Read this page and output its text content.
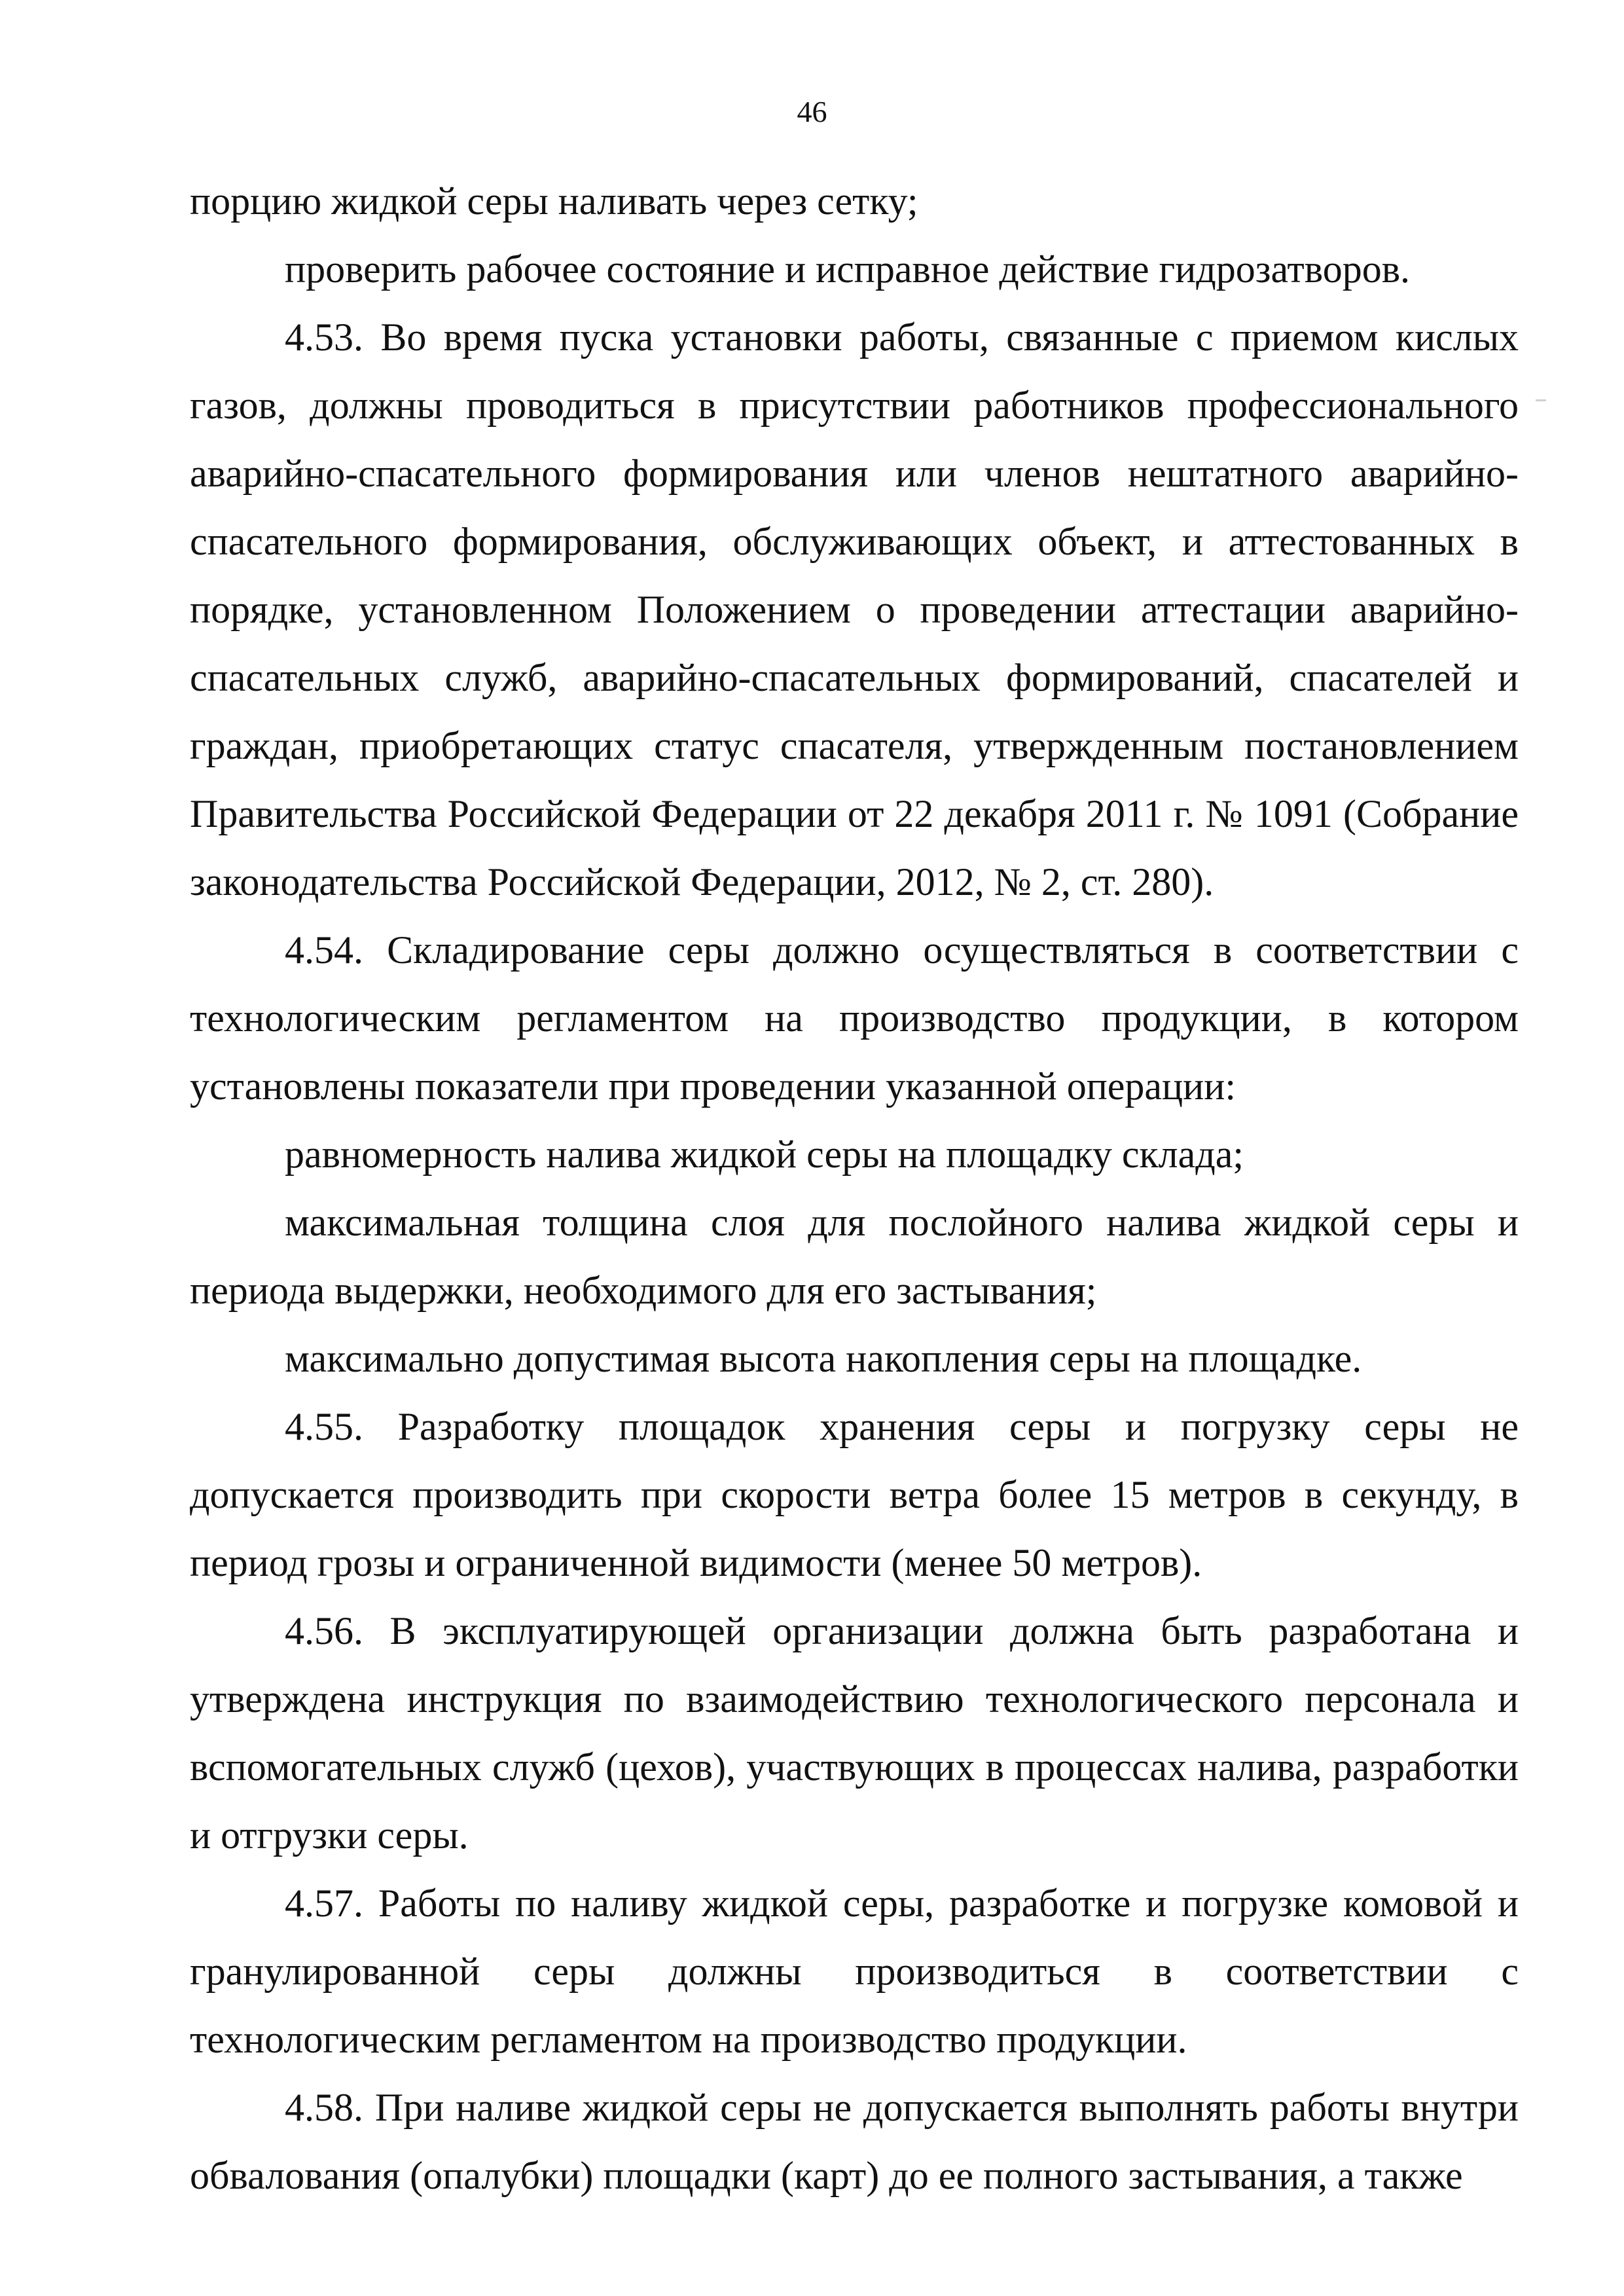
46

порцию жидкой серы наливать через сетку;

проверить рабочее состояние и исправное действие гидрозатворов.

4.53. Во время пуска установки работы, связанные с приемом кислых газов, должны проводиться в присутствии работников профессионального аварийно-спасательного формирования или членов нештатного аварийно-спасательного формирования, обслуживающих объект, и аттестованных в порядке, установленном Положением о проведении аттестации аварийно-спасательных служб, аварийно-спасательных формирований, спасателей и граждан, приобретающих статус спасателя, утвержденным постановлением Правительства Российской Федерации от 22 декабря 2011 г. № 1091 (Собрание законодательства Российской Федерации, 2012, № 2, ст. 280).

4.54. Складирование серы должно осуществляться в соответствии с технологическим регламентом на производство продукции, в котором установлены показатели при проведении указанной операции:

равномерность налива жидкой серы на площадку склада;

максимальная толщина слоя для послойного налива жидкой серы и периода выдержки, необходимого для его застывания;

максимально допустимая высота накопления серы на площадке.

4.55. Разработку площадок хранения серы и погрузку серы не допускается производить при скорости ветра более 15 метров в секунду, в период грозы и ограниченной видимости (менее 50 метров).

4.56. В эксплуатирующей организации должна быть разработана и утверждена инструкция по взаимодействию технологического персонала и вспомогательных служб (цехов), участвующих в процессах налива, разработки и отгрузки серы.

4.57. Работы по наливу жидкой серы, разработке и погрузке комовой и гранулированной серы должны производиться в соответствии с технологическим регламентом на производство продукции.

4.58. При наливе жидкой серы не допускается выполнять работы внутри обвалования (опалубки) площадки (карт) до ее полного застывания, а также
